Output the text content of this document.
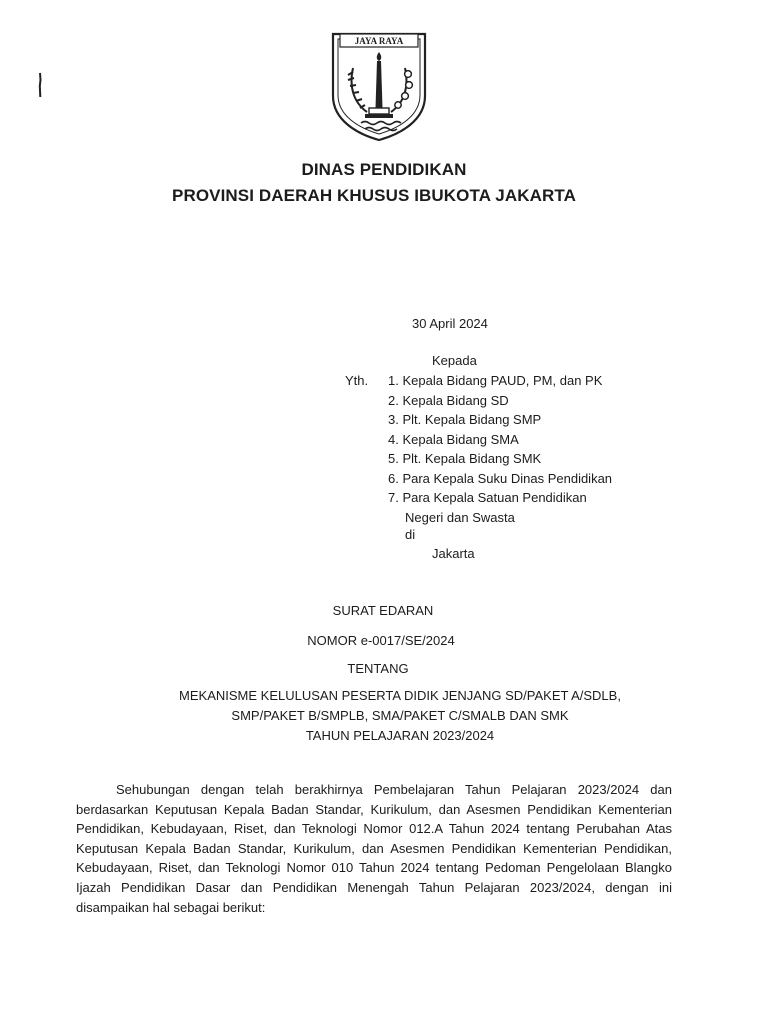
JAYA RAYA
DINAS PENDIDIKAN
PROVINSI DAERAH KHUSUS IBUKOTA JAKARTA
30 April 2024
Kepada
Yth. 1. Kepala Bidang PAUD, PM, dan PK
2. Kepala Bidang SD
3. Plt. Kepala Bidang SMP
4. Kepala Bidang SMA
5. Plt. Kepala Bidang SMK
6. Para Kepala Suku Dinas Pendidikan
7. Para Kepala Satuan Pendidikan
Negeri dan Swasta
di
Jakarta
SURAT EDARAN
NOMOR e-0017/SE/2024
TENTANG
MEKANISME KELULUSAN PESERTA DIDIK JENJANG SD/PAKET A/SDLB,
SMP/PAKET B/SMPLB, SMA/PAKET C/SMALB DAN SMK
TAHUN PELAJARAN 2023/2024

Sehubungan dengan telah berakhirnya Pembelajaran Tahun Pelajaran 2023/2024 dan berdasarkan Keputusan Kepala Badan Standar, Kurikulum, dan Asesmen Pendidikan Kementerian Pendidikan, Kebudayaan, Riset, dan Teknologi Nomor 012.A Tahun 2024 tentang Perubahan Atas Keputusan Kepala Badan Standar, Kurikulum, dan Asesmen Pendidikan Kementerian Pendidikan, Kebudayaan, Riset, dan Teknologi Nomor 010 Tahun 2024 tentang Pedoman Pengelolaan Blangko Ijazah Pendidikan Dasar dan Pendidikan Menengah Tahun Pelajaran 2023/2024, dengan ini disampaikan hal sebagai berikut:
